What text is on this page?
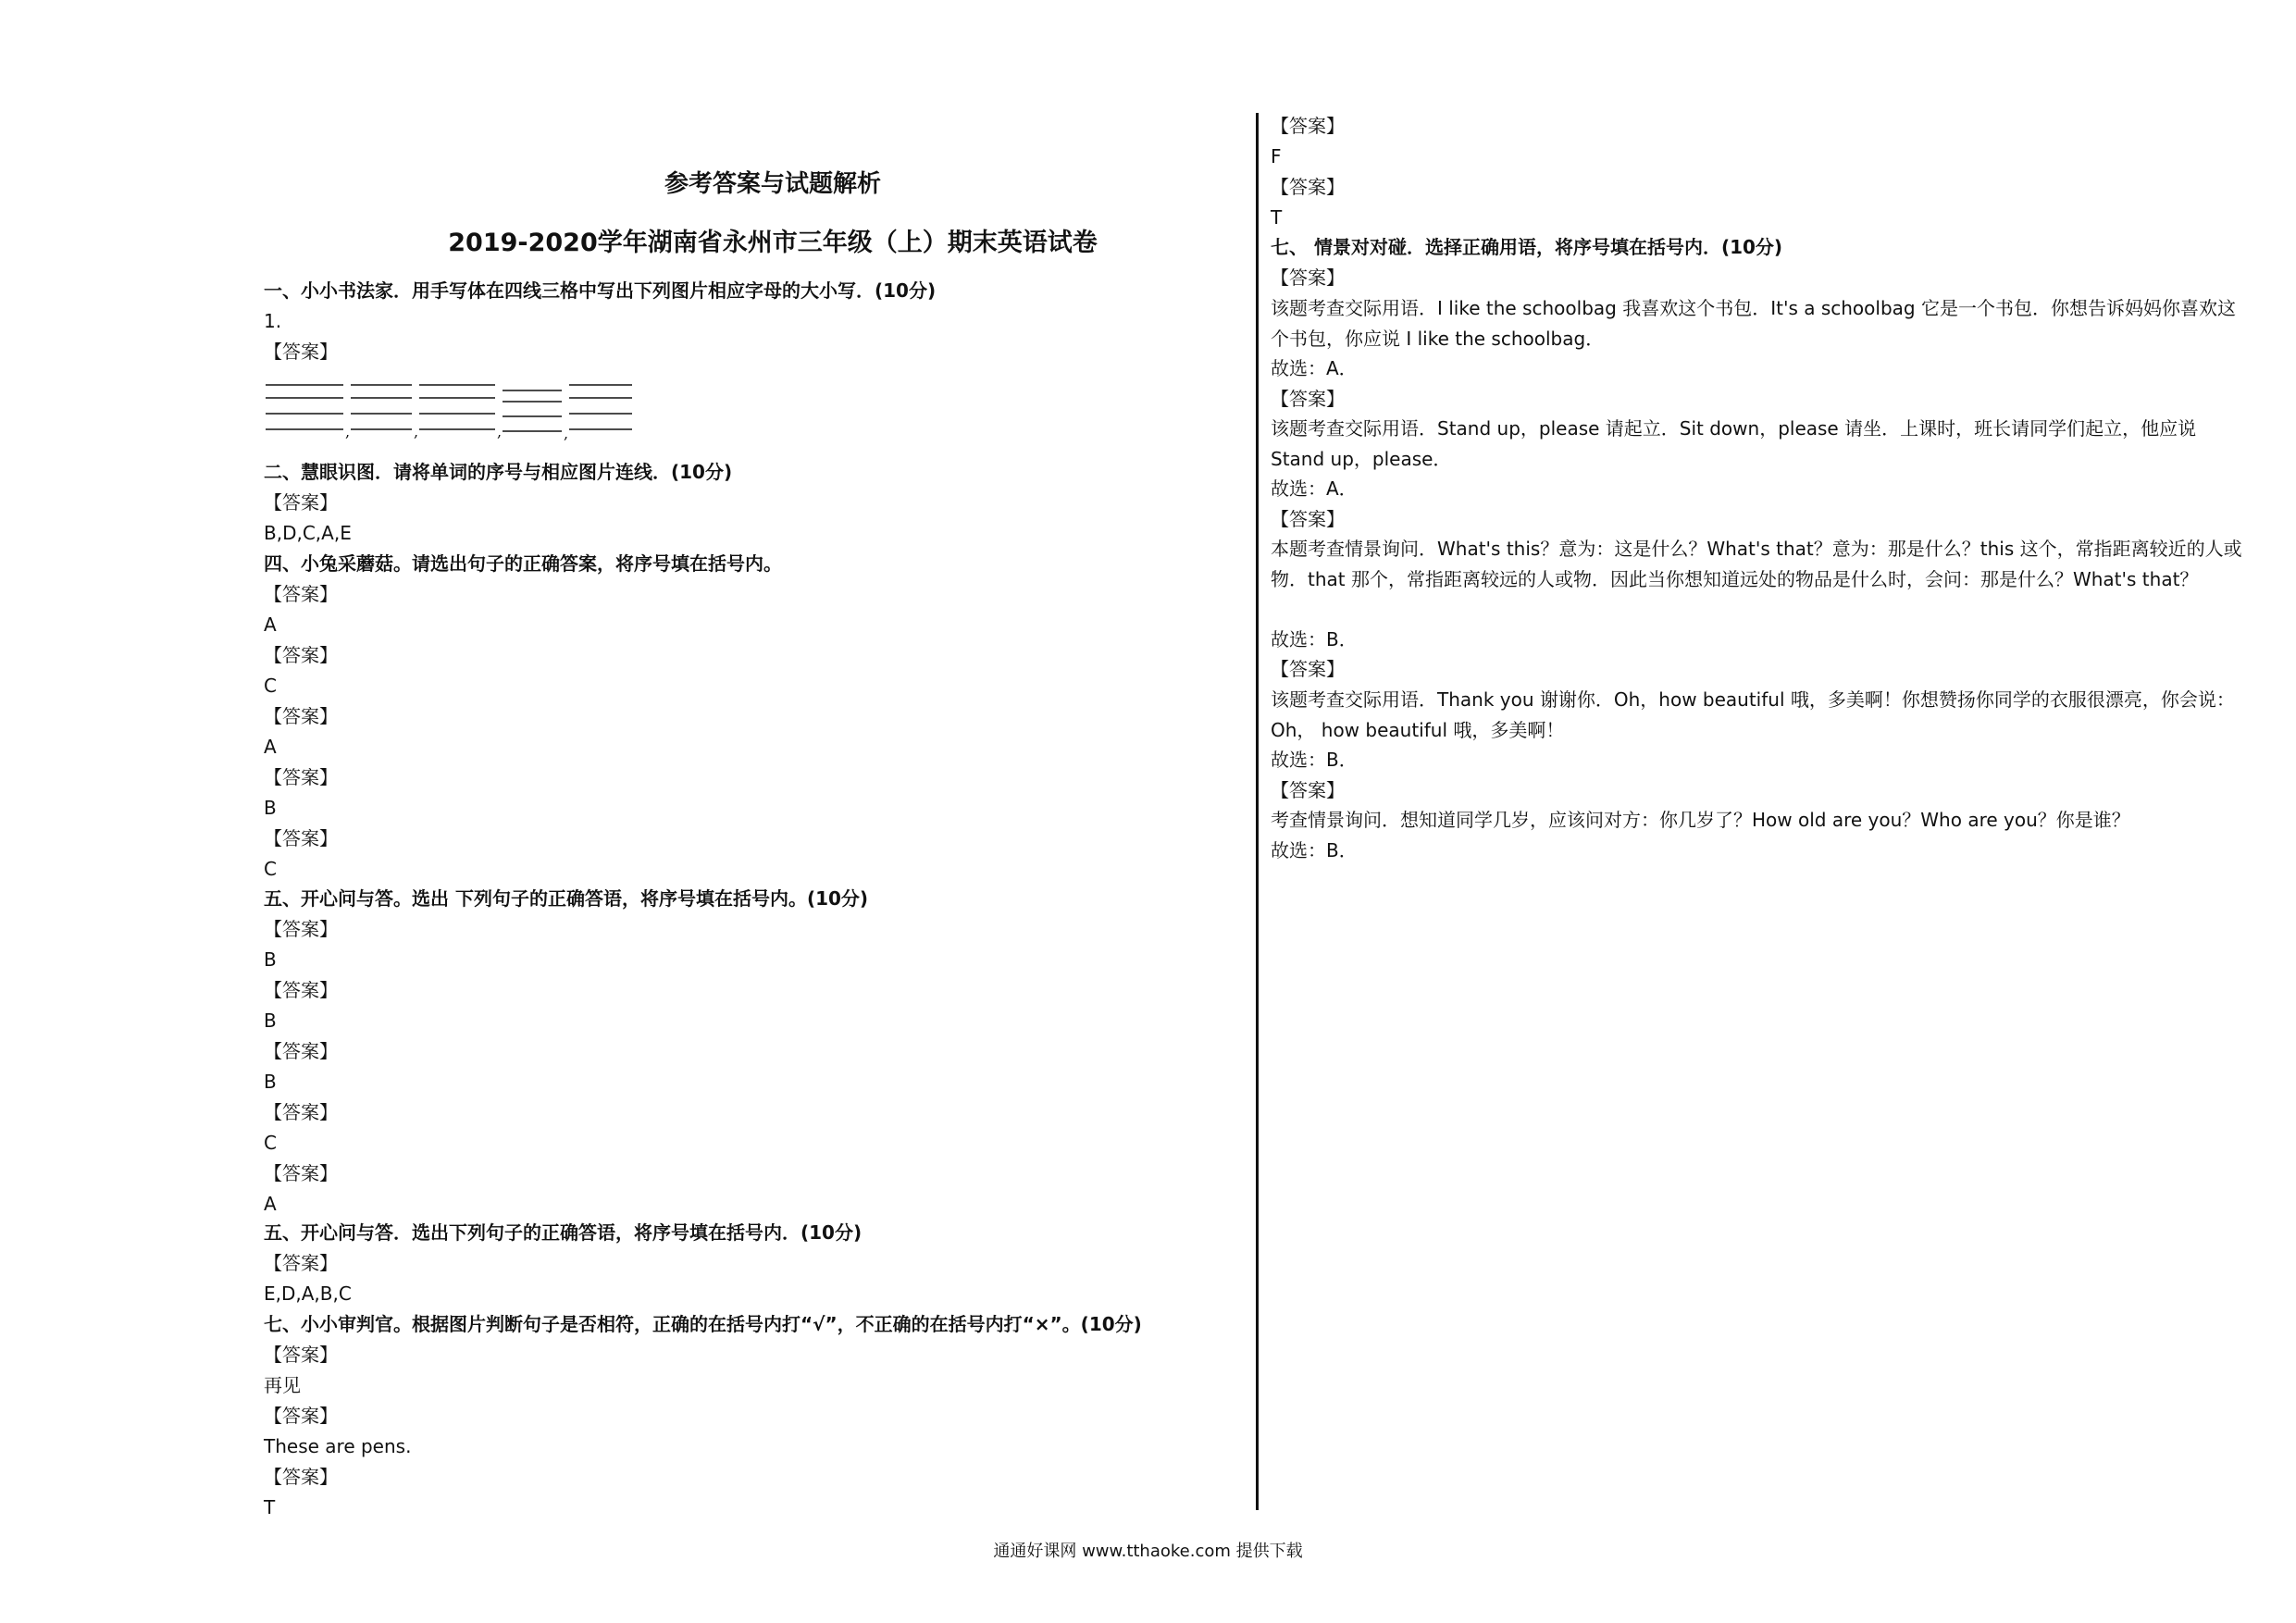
参考答案与试题解析
2019-2020学年湖南省永州市三年级（上）期末英语试卷
一、小小书法家．用手写体在四线三格中写出下列图片相应字母的大小写．(10分)
1.
【答案】
二、慧眼识图．请将单词的序号与相应图片连线．(10分)
【答案】
B,D,C,A,E
四、小兔采蘑菇。请选出句子的正确答案，将序号填在括号内。
【答案】
A
【答案】
C
【答案】
A
【答案】
B
【答案】
C
五、开心问与答。选出 下列句子的正确答语，将序号填在括号内。(10分)
【答案】
B
【答案】
B
【答案】
B
【答案】
C
【答案】
A
五、开心问与答．选出下列句子的正确答语，将序号填在括号内．(10分)
【答案】
E,D,A,B,C
七、小小审判官。根据图片判断句子是否相符，正确的在括号内打“√”，不正确的在括号内打“×”。(10分)
【答案】
再见
【答案】
These are pens.
【答案】
T
,	,	,	,
【答案】
F
【答案】
T
七、 情景对对碰．选择正确用语，将序号填在括号内．(10分)
【答案】
该题考查交际用语．I like the schoolbag 我喜欢这个书包．It's a schoolbag 它是一个书包．你想告诉妈妈你喜欢这个书包，你应说 I like the schoolbag．
故选：A．
【答案】
该题考查交际用语．Stand up，please 请起立．Sit down，please 请坐．上课时，班长请同学们起立，他应说 Stand up，please．
故选：A．
【答案】
本题考查情景询问．What's this？意为：这是什么？What's that？意为：那是什么？this 这个，常指距离较近的人或物．that 那个，常指距离较远的人或物．因此当你想知道远处的物品是什么时，会问：那是什么？What's that？
故选：B．
【答案】
该题考查交际用语．Thank you 谢谢你．Oh，how beautiful 哦，多美啊！你想赞扬你同学的衣服很漂亮，你会说：Oh， how beautiful 哦，多美啊！
故选：B．
【答案】
考查情景询问．想知道同学几岁，应该问对方：你几岁了？How old are you？Who are you？你是谁？
故选：B．
通通好课网 www.tthaoke.com 提供下载
